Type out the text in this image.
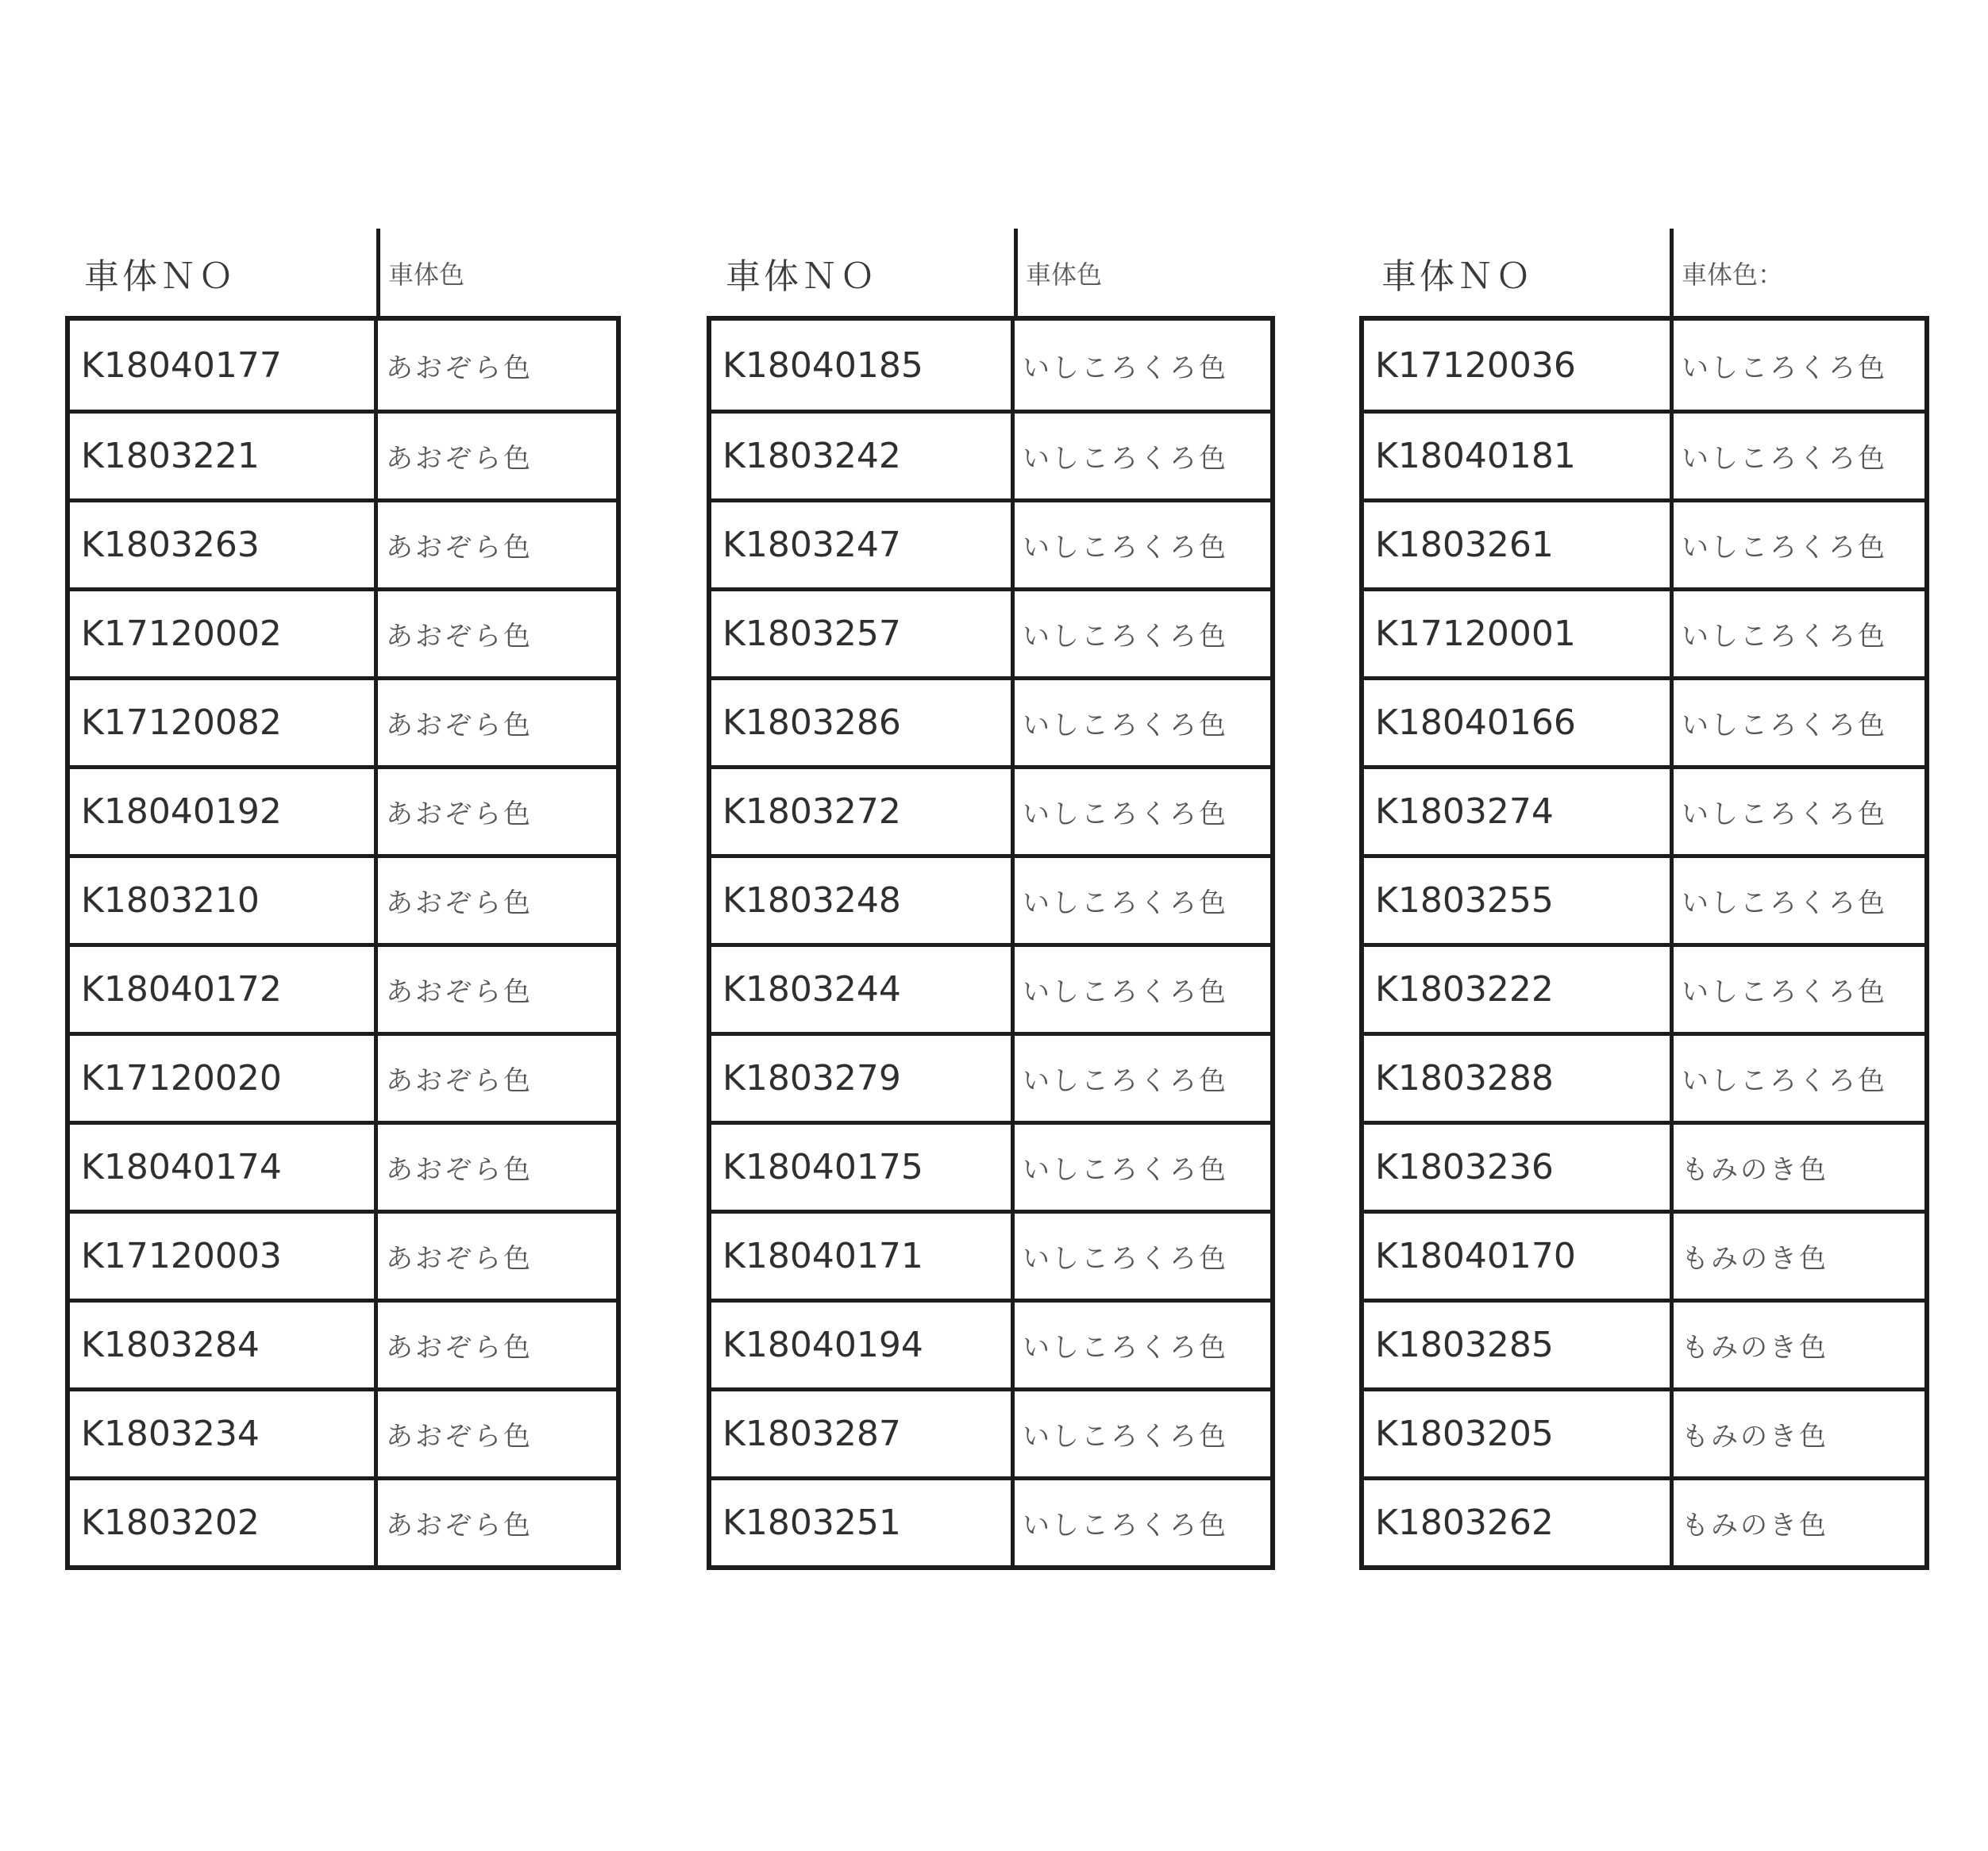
車体ＮＯ	車体色
K18040177	あおぞら色
K1803221	あおぞら色
K1803263	あおぞら色
K17120002	あおぞら色
K17120082	あおぞら色
K18040192	あおぞら色
K1803210	あおぞら色
K18040172	あおぞら色
K17120020	あおぞら色
K18040174	あおぞら色
K17120003	あおぞら色
K1803284	あおぞら色
K1803234	あおぞら色
K1803202	あおぞら色
車体ＮＯ	車体色
K18040185	いしころくろ色
K1803242	いしころくろ色
K1803247	いしころくろ色
K1803257	いしころくろ色
K1803286	いしころくろ色
K1803272	いしころくろ色
K1803248	いしころくろ色
K1803244	いしころくろ色
K1803279	いしころくろ色
K18040175	いしころくろ色
K18040171	いしころくろ色
K18040194	いしころくろ色
K1803287	いしころくろ色
K1803251	いしころくろ色
車体ＮＯ	車体色：
K17120036	いしころくろ色
K18040181	いしころくろ色
K1803261	いしころくろ色
K17120001	いしころくろ色
K18040166	いしころくろ色
K1803274	いしころくろ色
K1803255	いしころくろ色
K1803222	いしころくろ色
K1803288	いしころくろ色
K1803236	もみのき色
K18040170	もみのき色
K1803285	もみのき色
K1803205	もみのき色
K1803262	もみのき色
